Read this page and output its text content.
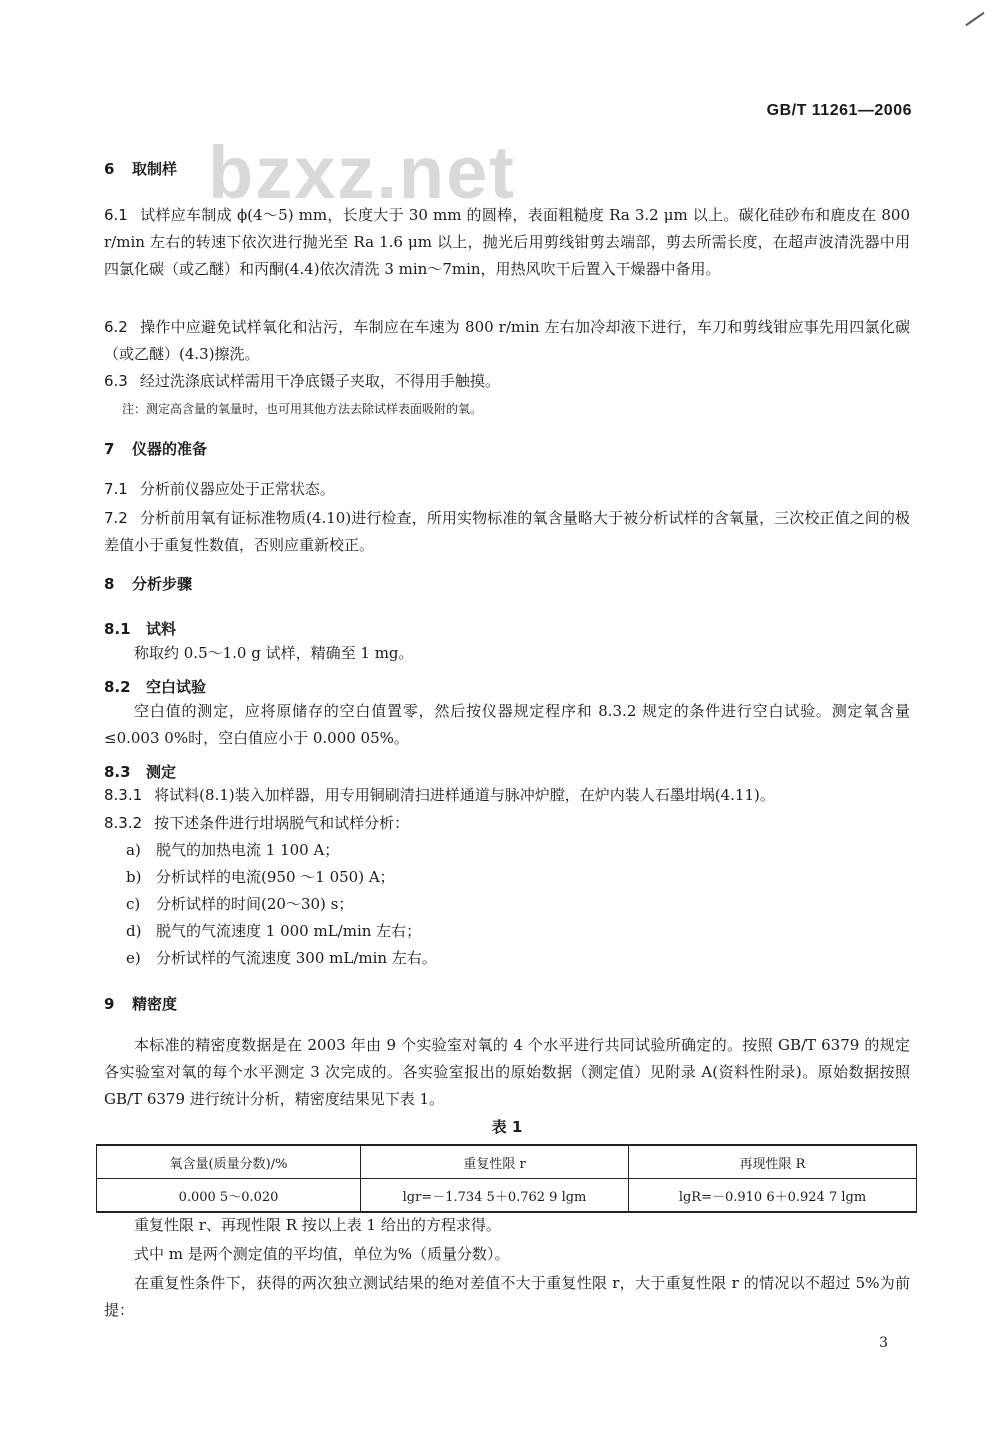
GB/T 11261—2006
bzxz.net
6 取制样
6.1 试样应车制成 ϕ(4～5) mm，长度大于 30 mm 的圆棒，表面粗糙度 Ra 3.2 μm 以上。碳化硅砂布和鹿皮在 800 r/min 左右的转速下依次进行抛光至 Ra 1.6 μm 以上，抛光后用剪线钳剪去端部，剪去所需长度，在超声波清洗器中用四氯化碳（或乙醚）和丙酮(4.4)依次清洗 3 min～7min，用热风吹干后置入干燥器中备用。
6.2 操作中应避免试样氧化和沾污，车制应在车速为 800 r/min 左右加冷却液下进行，车刀和剪线钳应事先用四氯化碳（或乙醚）(4.3)擦洗。
6.3 经过洗涤底试样需用干净底镊子夹取，不得用手触摸。
注：测定高含量的氧量时，也可用其他方法去除试样表面吸附的氧。
7 仪器的准备
7.1 分析前仪器应处于正常状态。
7.2 分析前用氧有证标准物质(4.10)进行检查，所用实物标准的氧含量略大于被分析试样的含氧量，三次校正值之间的极差值小于重复性数值，否则应重新校正。
8 分析步骤
8.1 试料
称取约 0.5～1.0 g 试样，精确至 1 mg。
8.2 空白试验
空白值的测定，应将原储存的空白值置零，然后按仪器规定程序和 8.3.2 规定的条件进行空白试验。测定氧含量≤0.003 0%时，空白值应小于 0.000 05%。
8.3 测定
8.3.1 将试料(8.1)装入加样器，用专用铜刷清扫进样通道与脉冲炉膛，在炉内装人石墨坩埚(4.11)。
8.3.2 按下述条件进行坩埚脱气和试样分析：
a) 脱气的加热电流 1 100 A；
b) 分析试样的电流(950 ～1 050) A；
c) 分析试样的时间(20～30) s；
d) 脱气的气流速度 1 000 mL/min 左右；
e) 分析试样的气流速度 300 mL/min 左右。
9 精密度
本标准的精密度数据是在 2003 年由 9 个实验室对氧的 4 个水平进行共同试验所确定的。按照 GB/T 6379 的规定各实验室对氧的每个水平测定 3 次完成的。各实验室报出的原始数据（测定值）见附录 A(资料性附录)。原始数据按照 GB/T 6379 进行统计分析，精密度结果见下表 1。
表 1
氧含量(质量分数)/%	重复性限 r	再现性限 R
0.000 5～0.020	lgr=－1.734 5＋0.762 9 lgm	lgR=－0.910 6＋0.924 7 lgm
重复性限 r、再现性限 R 按以上表 1 给出的方程求得。
式中 m 是两个测定值的平均值，单位为%（质量分数）。
在重复性条件下，获得的两次独立测试结果的绝对差值不大于重复性限 r，大于重复性限 r 的情况以不超过 5%为前提：
3
